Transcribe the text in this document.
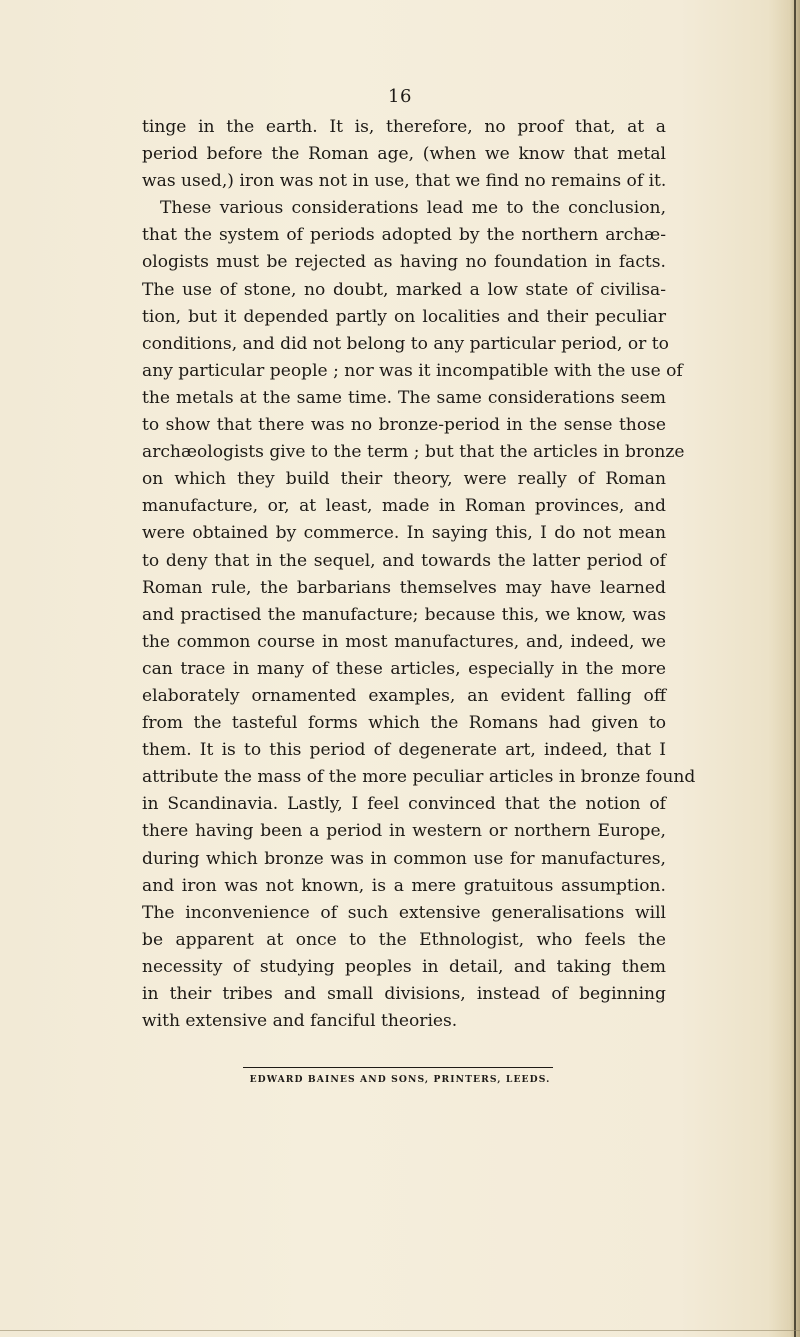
16
tinge in the earth. It is, therefore, no proof that, at a
period before the Roman age, (when we know that metal
was used,) iron was not in use, that we find no remains of it.
These various considerations lead me to the conclusion,
that the system of periods adopted by the northern archæ-
ologists must be rejected as having no foundation in facts.
The use of stone, no doubt, marked a low state of civilisa-
tion, but it depended partly on localities and their peculiar
conditions, and did not belong to any particular period, or to
any particular people ; nor was it incompatible with the use of
the metals at the same time. The same considerations seem
to show that there was no bronze-period in the sense those
archæologists give to the term ; but that the articles in bronze
on which they build their theory, were really of Roman
manufacture, or, at least, made in Roman provinces, and
were obtained by commerce. In saying this, I do not mean
to deny that in the sequel, and towards the latter period of
Roman rule, the barbarians themselves may have learned
and practised the manufacture; because this, we know, was
the common course in most manufactures, and, indeed, we
can trace in many of these articles, especially in the more
elaborately ornamented examples, an evident falling off
from the tasteful forms which the Romans had given to
them. It is to this period of degenerate art, indeed, that I
attribute the mass of the more peculiar articles in bronze found
in Scandinavia. Lastly, I feel convinced that the notion of
there having been a period in western or northern Europe,
during which bronze was in common use for manufactures,
and iron was not known, is a mere gratuitous assumption.
The inconvenience of such extensive generalisations will
be apparent at once to the Ethnologist, who feels the
necessity of studying peoples in detail, and taking them
in their tribes and small divisions, instead of beginning
with extensive and fanciful theories.
EDWARD BAINES AND SONS, PRINTERS, LEEDS.
